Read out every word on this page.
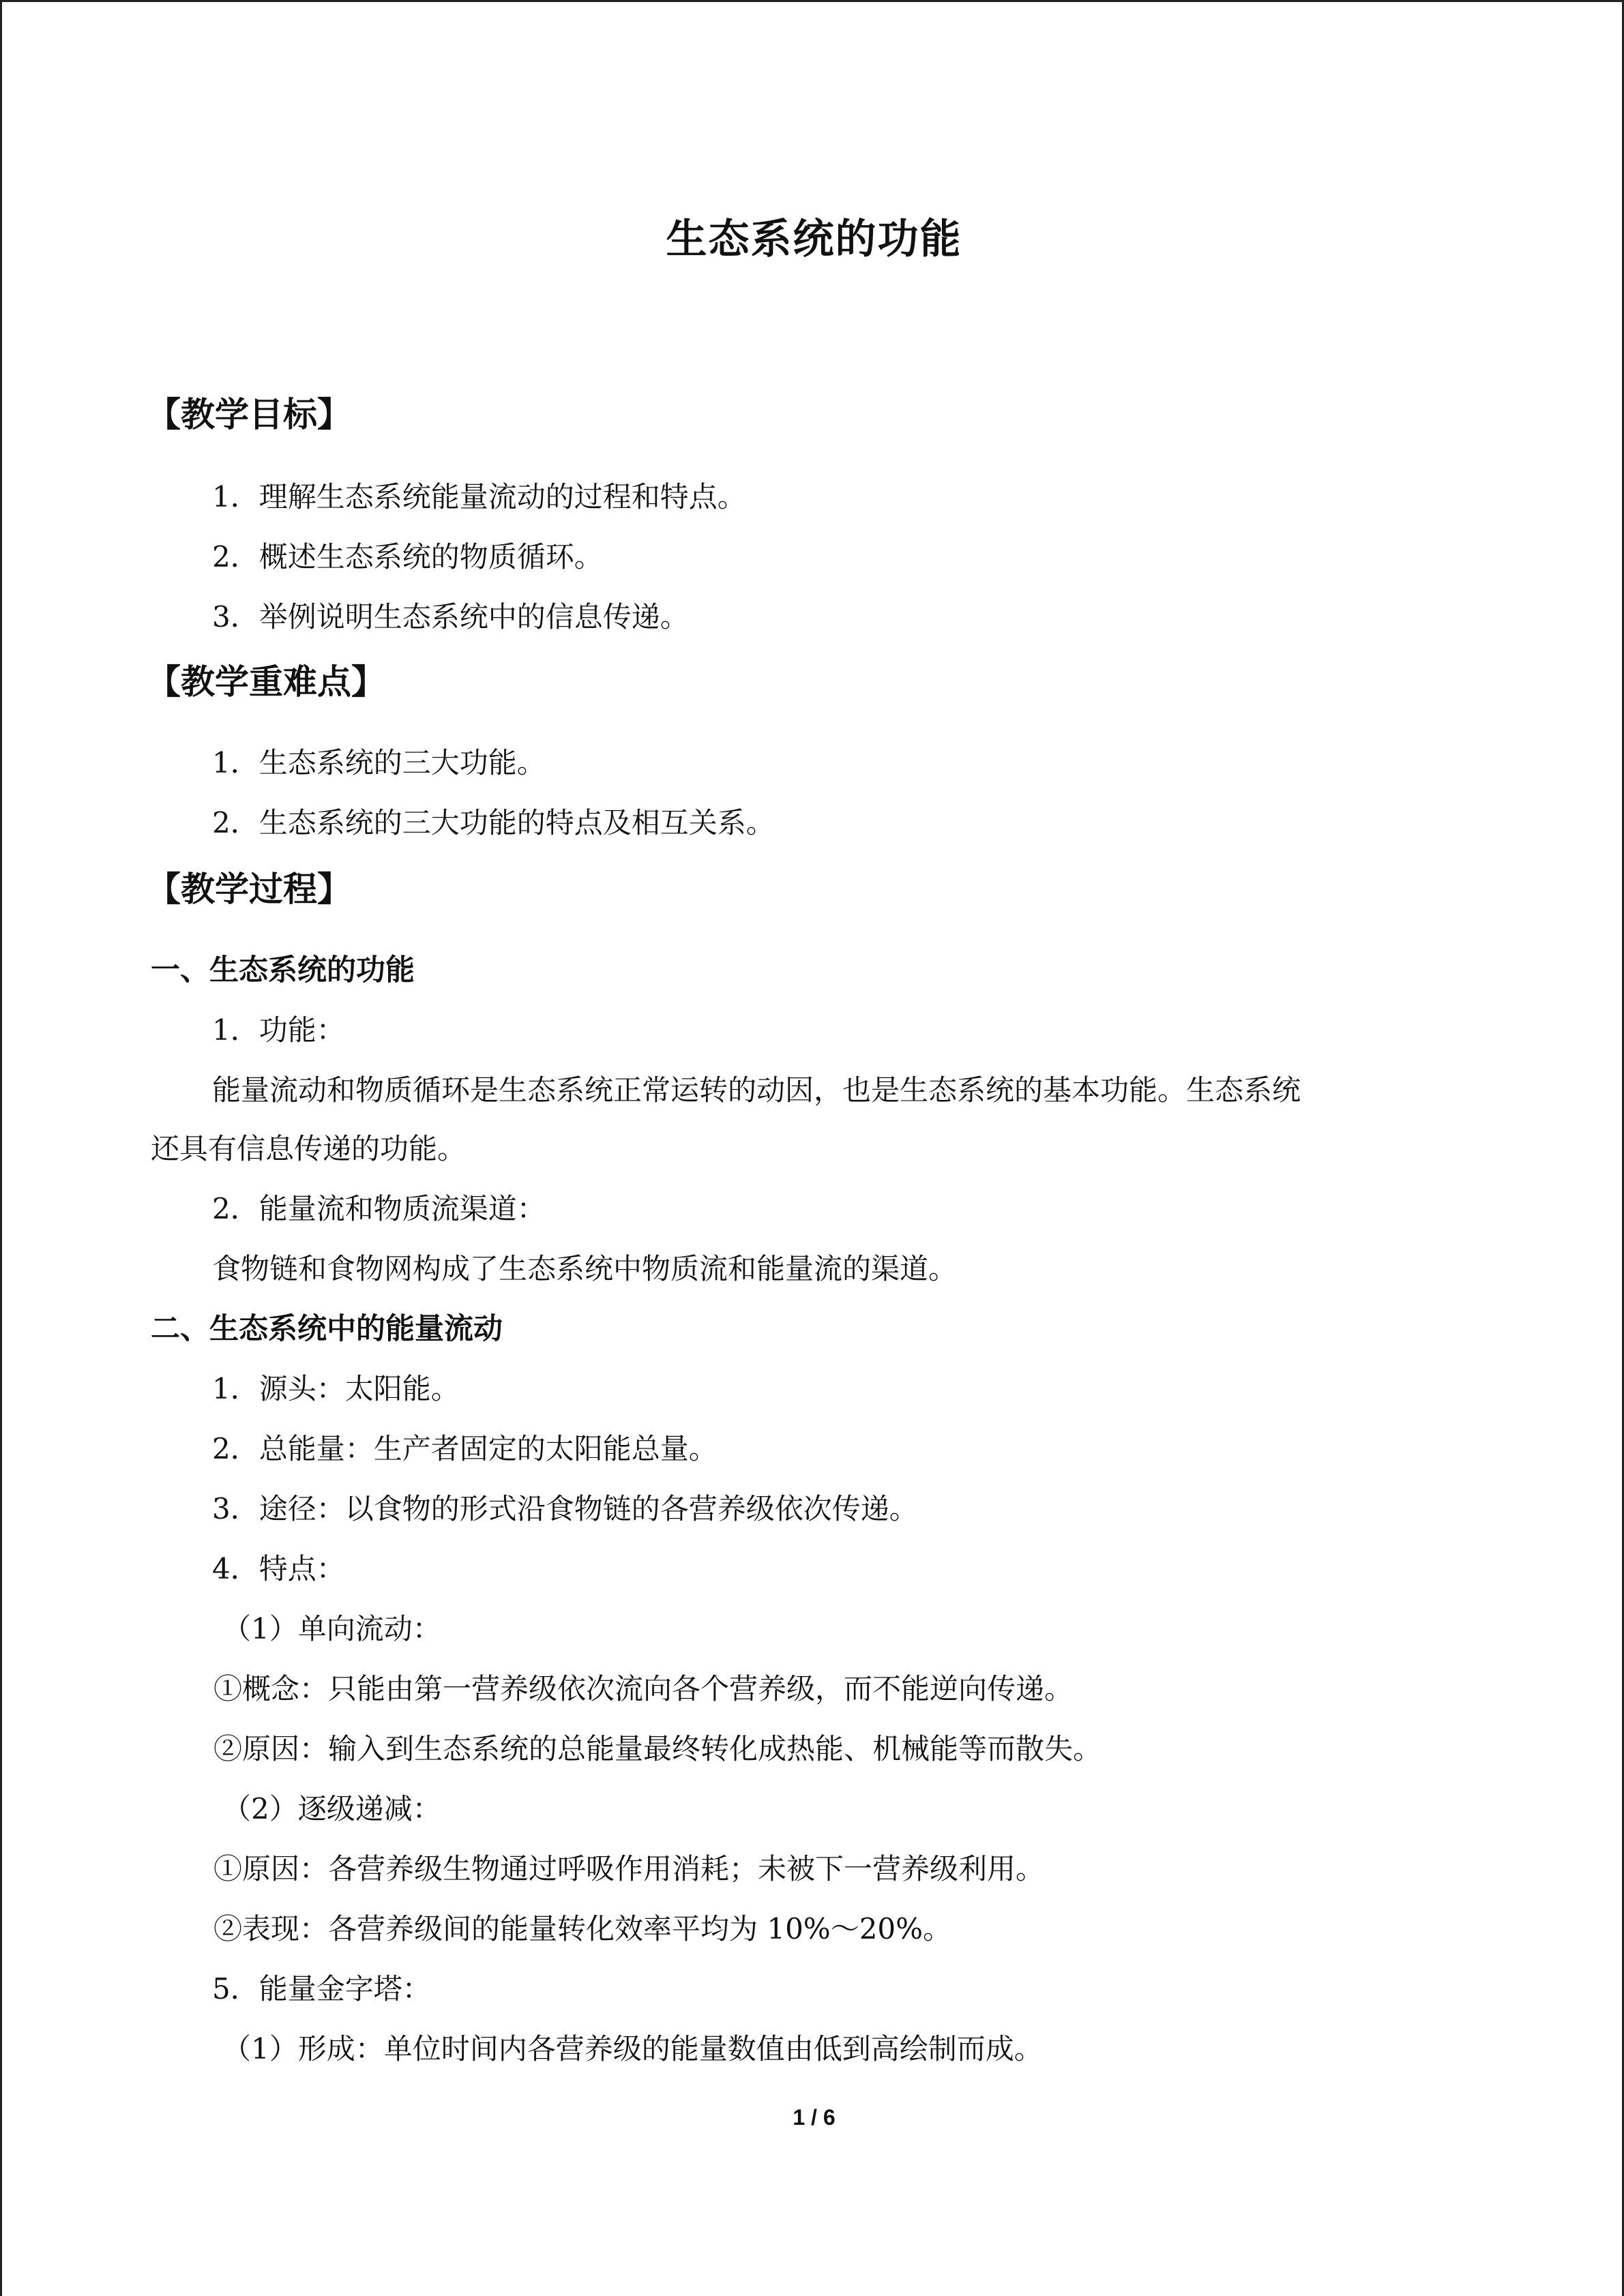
生态系统的功能
【教学目标】
1．理解生态系统能量流动的过程和特点。
2．概述生态系统的物质循环。
3．举例说明生态系统中的信息传递。
【教学重难点】
1．生态系统的三大功能。
2．生态系统的三大功能的特点及相互关系。
【教学过程】
一、生态系统的功能
1．功能：
能量流动和物质循环是生态系统正常运转的动因，也是生态系统的基本功能。生态系统
还具有信息传递的功能。
2．能量流和物质流渠道：
食物链和食物网构成了生态系统中物质流和能量流的渠道。
二、生态系统中的能量流动
1．源头：太阳能。
2．总能量：生产者固定的太阳能总量。
3．途径：以食物的形式沿食物链的各营养级依次传递。
4．特点：
（1）单向流动：
①概念：只能由第一营养级依次流向各个营养级，而不能逆向传递。
②原因：输入到生态系统的总能量最终转化成热能、机械能等而散失。
（2）逐级递减：
①原因：各营养级生物通过呼吸作用消耗；未被下一营养级利用。
②表现：各营养级间的能量转化效率平均为 10%～20%。
5．能量金字塔：
（1）形成：单位时间内各营养级的能量数值由低到高绘制而成。
1 / 6
